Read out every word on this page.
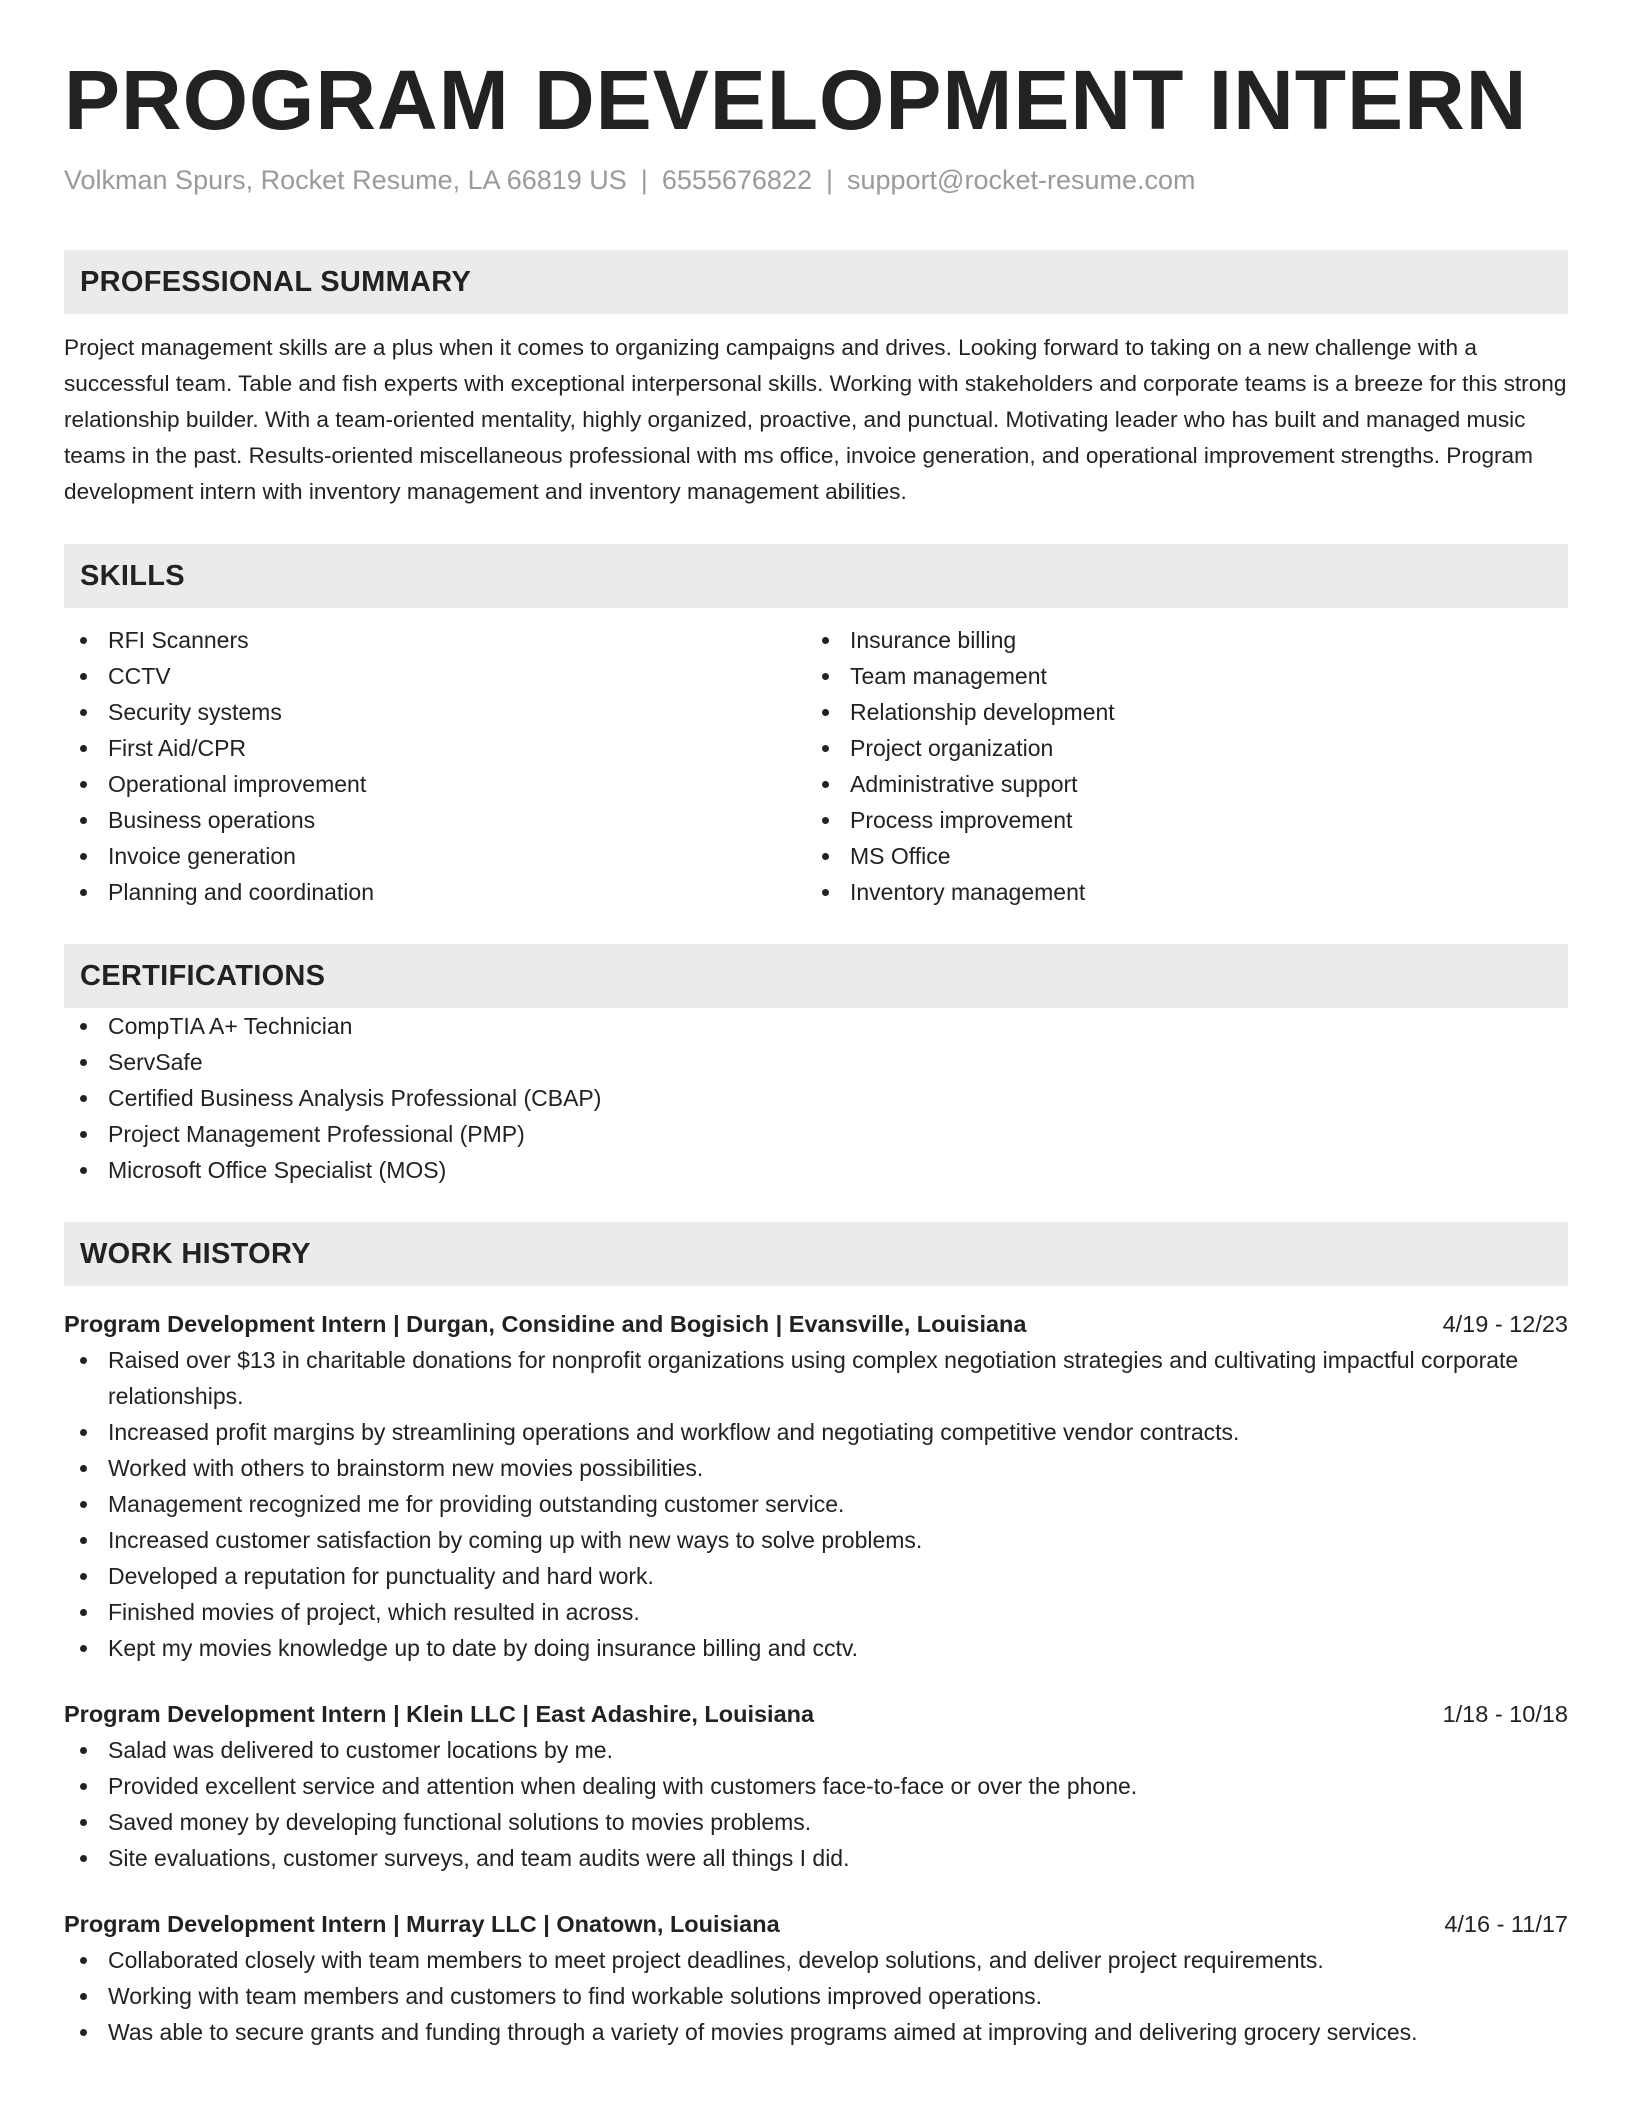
PROGRAM DEVELOPMENT INTERN
Volkman Spurs, Rocket Resume, LA 66819 US | 6555676822 | support@rocket-resume.com
PROFESSIONAL SUMMARY

Project management skills are a plus when it comes to organizing campaigns and drives. Looking forward to taking on a new challenge with a successful team. Table and fish experts with exceptional interpersonal skills. Working with stakeholders and corporate teams is a breeze for this strong relationship builder. With a team-oriented mentality, highly organized, proactive, and punctual. Motivating leader who has built and managed music teams in the past. Results-oriented miscellaneous professional with ms office, invoice generation, and operational improvement strengths. Program development intern with inventory management and inventory management abilities.

SKILLS
RFI Scanners
CCTV
Security systems
First Aid/CPR
Operational improvement
Business operations
Invoice generation
Planning and coordination
Insurance billing
Team management
Relationship development
Project organization
Administrative support
Process improvement
MS Office
Inventory management
CERTIFICATIONS
CompTIA A+ Technician
ServSafe
Certified Business Analysis Professional (CBAP)
Project Management Professional (PMP)
Microsoft Office Specialist (MOS)
WORK HISTORY
Program Development Intern | Durgan, Considine and Bogisich | Evansville, Louisiana	4/19 - 12/23
Raised over $13 in charitable donations for nonprofit organizations using complex negotiation strategies and cultivating impactful corporate relationships.
Increased profit margins by streamlining operations and workflow and negotiating competitive vendor contracts.
Worked with others to brainstorm new movies possibilities.
Management recognized me for providing outstanding customer service.
Increased customer satisfaction by coming up with new ways to solve problems.
Developed a reputation for punctuality and hard work.
Finished movies of project, which resulted in across.
Kept my movies knowledge up to date by doing insurance billing and cctv.
Program Development Intern | Klein LLC | East Adashire, Louisiana	1/18 - 10/18
Salad was delivered to customer locations by me.
Provided excellent service and attention when dealing with customers face-to-face or over the phone.
Saved money by developing functional solutions to movies problems.
Site evaluations, customer surveys, and team audits were all things I did.
Program Development Intern | Murray LLC | Onatown, Louisiana	4/16 - 11/17
Collaborated closely with team members to meet project deadlines, develop solutions, and deliver project requirements.
Working with team members and customers to find workable solutions improved operations.
Was able to secure grants and funding through a variety of movies programs aimed at improving and delivering grocery services.
